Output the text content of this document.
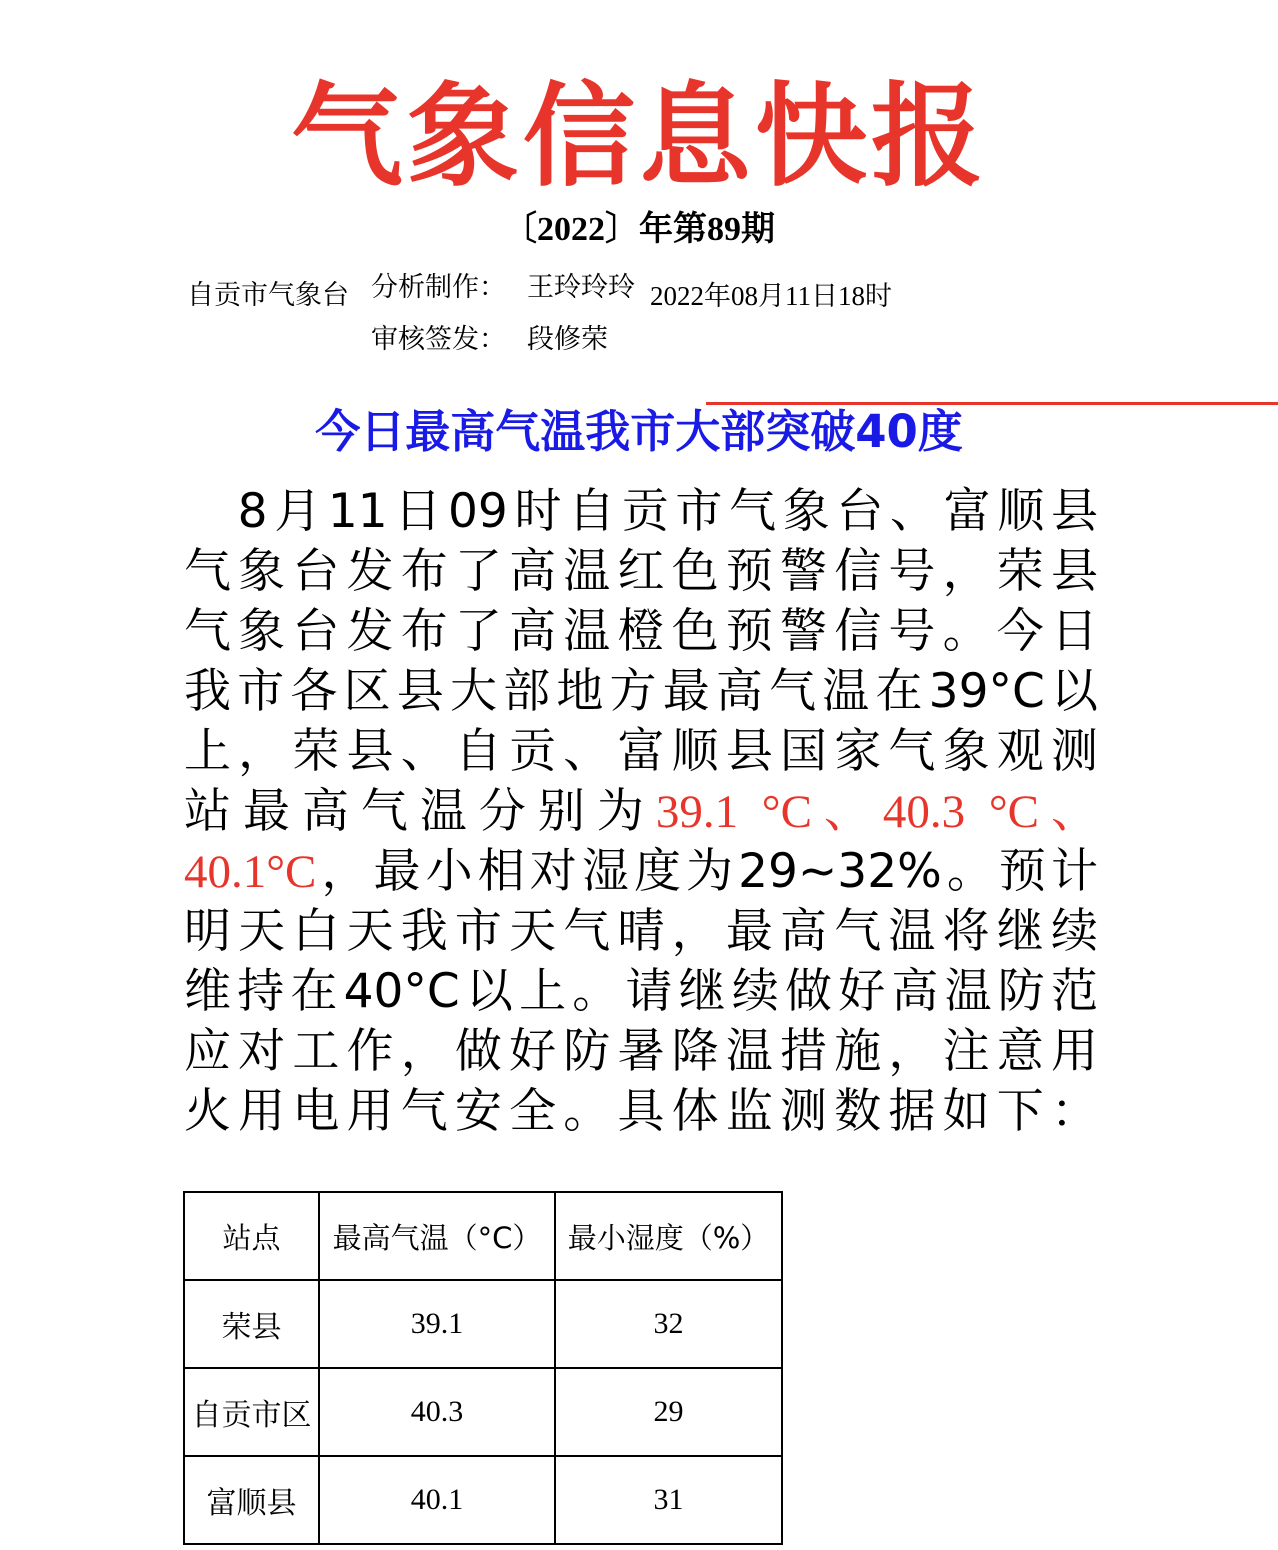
气象信息快报
〔2022〕年第89期
自贡市气象台 分析制作： 王玲玲玲 2022年08月11日18时
审核签发： 段修荣
今日最高气温我市大部突破40度
　8月11日09时自贡市气象台、富顺县
气象台发布了高温红色预警信号，荣县
气象台发布了高温橙色预警信号。今日
我市各区县大部地方最高气温在39°C以
上，荣县、自贡、富顺县国家气象观测
站最高气温分别为39.1 °C、40.3 °C、
40.1°C，最小相对湿度为29~32%。预计
明天白天我市天气晴，最高气温将继续
维持在40°C以上。请继续做好高温防范
应对工作，做好防暑降温措施，注意用
火用电用气安全。具体监测数据如下：
站点	最高气温（°C）	最小湿度（%）
荣县	39.1	32
自贡市区	40.3	29
富顺县	40.1	31
